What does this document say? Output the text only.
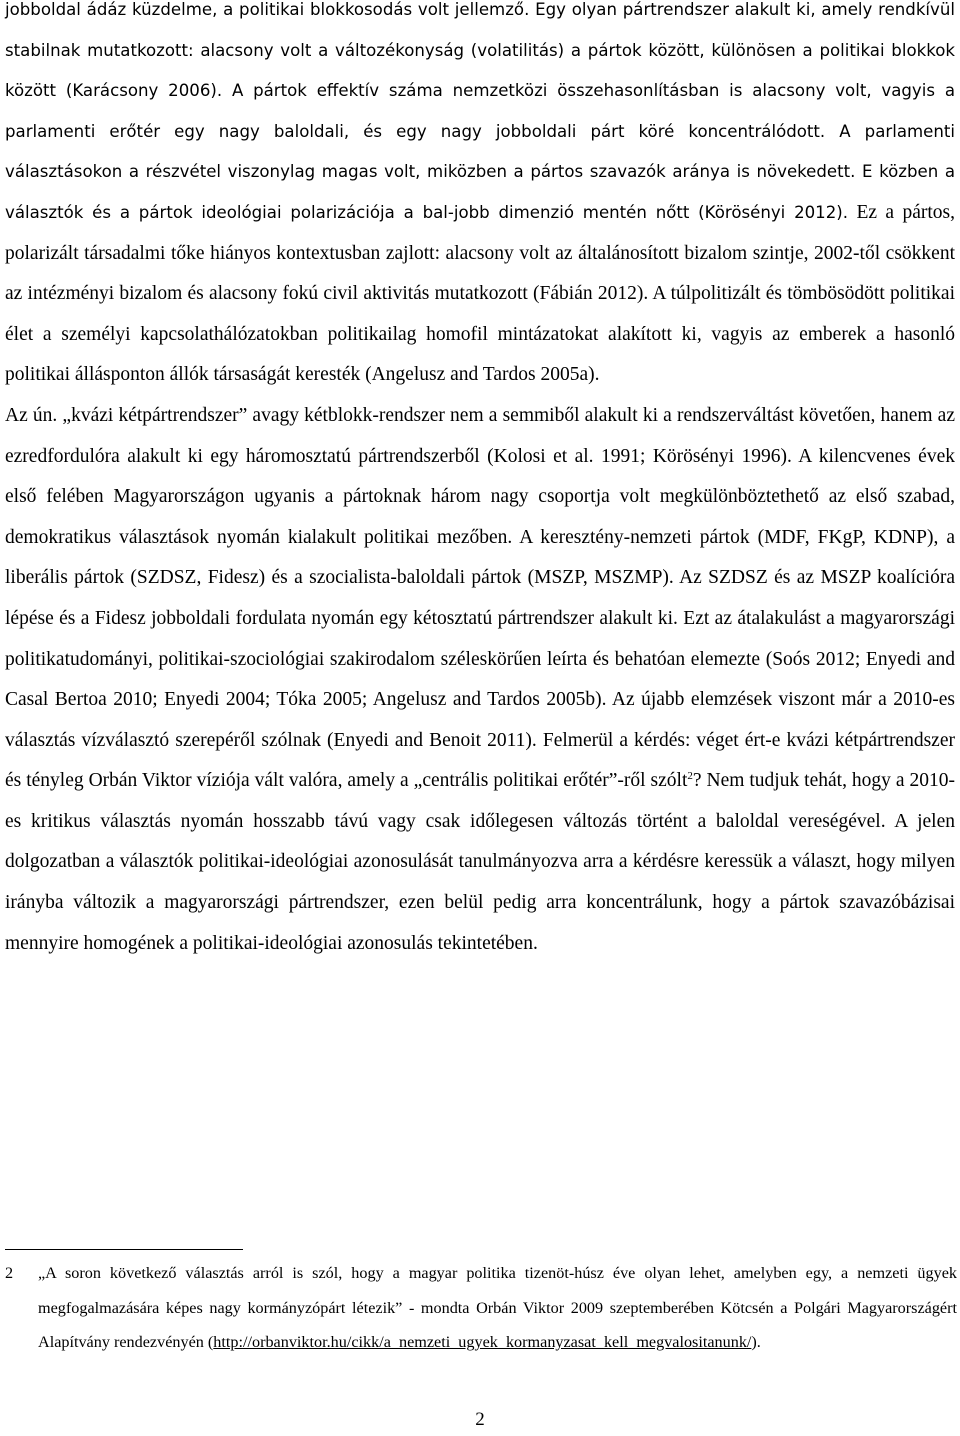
jobboldal ádáz küzdelme, a politikai blokkosodás volt jellemző. Egy olyan pártrendszer alakult ki, amely rendkívül stabilnak mutatkozott: alacsony volt a változékonyság (volatilitás) a pártok között, különösen a politikai blokkok között (Karácsony 2006). A pártok effektív száma nemzetközi összehasonlításban is alacsony volt, vagyis a parlamenti erőtér egy nagy baloldali, és egy nagy jobboldali párt köré koncentrálódott. A parlamenti választásokon a részvétel viszonylag magas volt, miközben a pártos szavazók aránya is növekedett. E közben a választók és a pártok ideológiai polarizációja a bal-jobb dimenzió mentén nőtt (Körösényi 2012). Ez a pártos, polarizált társadalmi tőke hiányos kontextusban zajlott: alacsony volt az általánosított bizalom szintje, 2002-től csökkent az intézményi bizalom és alacsony fokú civil aktivitás mutatkozott (Fábián 2012). A túlpolitizált és tömbösödött politikai élet a személyi kapcsolathálózatokban politikailag homofil mintázatokat alakított ki, vagyis az emberek a hasonló politikai állásponton állók társaságát keresték (Angelusz and Tardos 2005a).

Az ún. „kvázi kétpártrendszer” avagy kétblokk-rendszer nem a semmiből alakult ki a rendszerváltást követően, hanem az ezredfordulóra alakult ki egy háromosztatú pártrendszerből (Kolosi et al. 1991; Körösényi 1996). A kilencvenes évek első felében Magyarországon ugyanis a pártoknak három nagy csoportja volt megkülönböztethető az első szabad, demokratikus választások nyomán kialakult politikai mezőben. A keresztény-nemzeti pártok (MDF, FKgP, KDNP), a liberális pártok (SZDSZ, Fidesz) és a szocialista-baloldali pártok (MSZP, MSZMP). Az SZDSZ és az MSZP koalícióra lépése és a Fidesz jobboldali fordulata nyomán egy kétosztatú pártrendszer alakult ki. Ezt az átalakulást a magyarországi politikatudományi, politikai-szociológiai szakirodalom széleskörűen leírta és behatóan elemezte (Soós 2012; Enyedi and Casal Bertoa 2010; Enyedi 2004; Tóka 2005; Angelusz and Tardos 2005b). Az újabb elemzések viszont már a 2010-es választás vízválasztó szerepéről szólnak (Enyedi and Benoit 2011). Felmerül a kérdés: véget ért-e kvázi kétpártrendszer és tényleg Orbán Viktor víziója vált valóra, amely a „centrális politikai erőtér”-ről szólt$^2$? Nem tudjuk tehát, hogy a 2010-es kritikus választás nyomán hosszabb távú vagy csak időlegesen változás történt a baloldal vereségével. A jelen dolgozatban a választók politikai-ideológiai azonosulását tanulmányozva arra a kérdésre keressük a választ, hogy milyen irányba változik a magyarországi pártrendszer, ezen belül pedig arra koncentrálunk, hogy a pártok szavazóbázisai mennyire homogének a politikai-ideológiai azonosulás tekintetében.

2 „A soron következő választás arról is szól, hogy a magyar politika tizenöt-húsz éve olyan lehet, amelyben egy, a nemzeti ügyek megfogalmazására képes nagy kormányzópárt létezik” - mondta Orbán Viktor 2009 szeptemberében Kötcsén a Polgári Magyarországért Alapítvány rendezvényén (http://orbanviktor.hu/cikk/a_nemzeti_ugyek_kormanyzasat_kell_megvalositanunk/).
2
